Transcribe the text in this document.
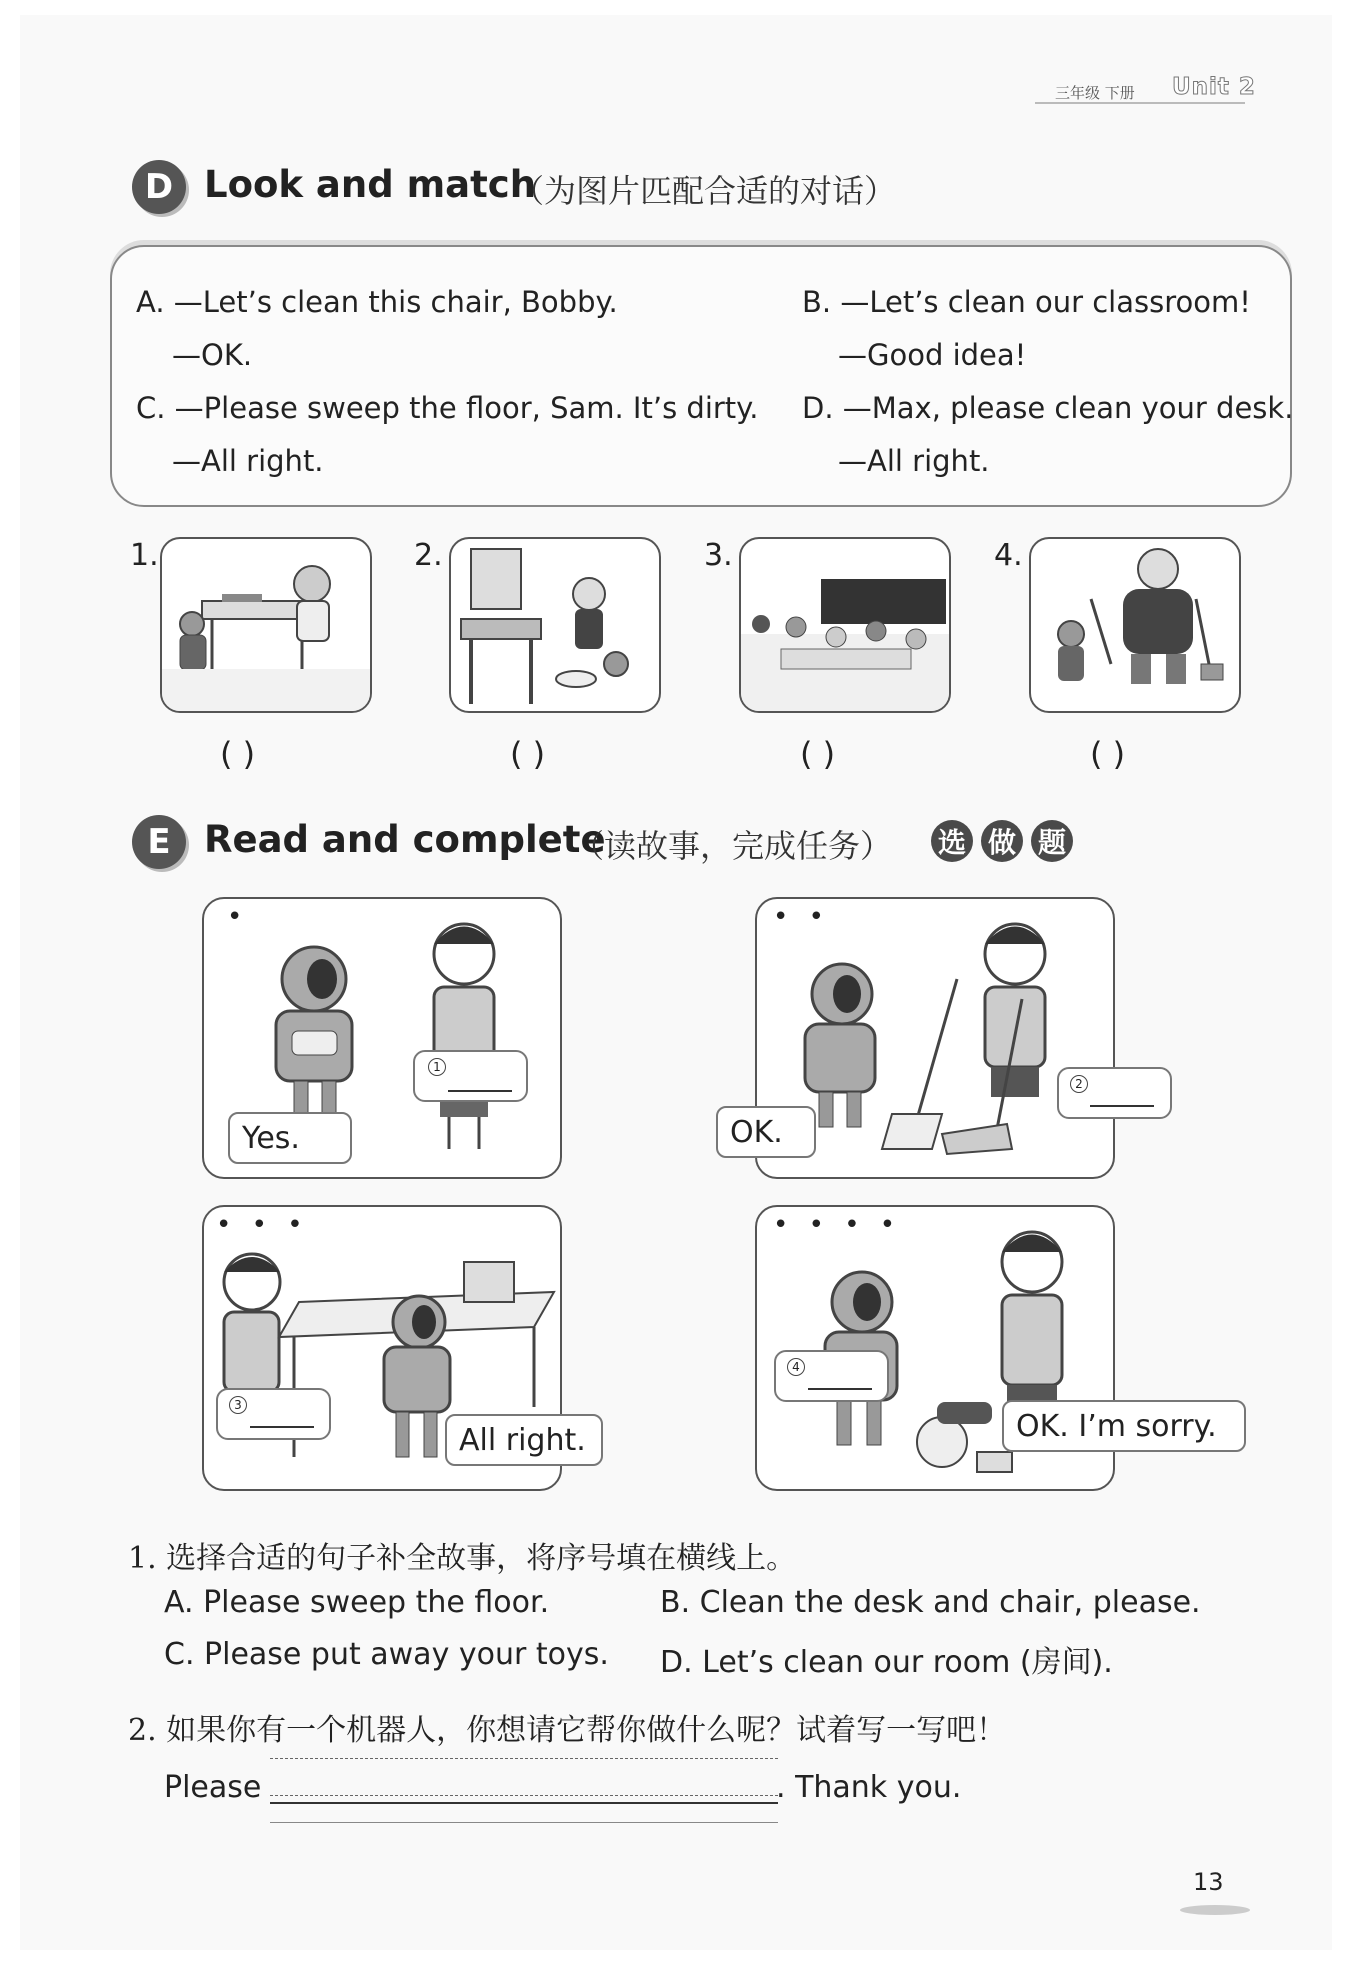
三年级 下册 Unit 2
D Look and match
（为图片匹配合适的对话）
A. —Let’s clean this chair, Bobby.
—OK.
C. —Please sweep the floor, Sam. It’s dirty.
—All right.
B. —Let’s clean our classroom!
—Good idea!
D. —Max, please clean your desk.
—All right.
1.
( )
2.
( )
3.
( )
4.
( )
E Read and complete
（读故事，完成任务） 选 做 题
•
Yes.
1
• •
OK.
2
• • •
3
All right.
• • • •
4
OK. I’m sorry.
1. 选择合适的句子补全故事，将序号填在横线上。
A. Please sweep the floor.	B. Clean the desk and chair, please.
C. Please put away your toys. D. Let’s clean our room (房间).
2. 如果你有一个机器人，你想请它帮你做什么呢？试着写一写吧！
Please	. Thank you.
13
